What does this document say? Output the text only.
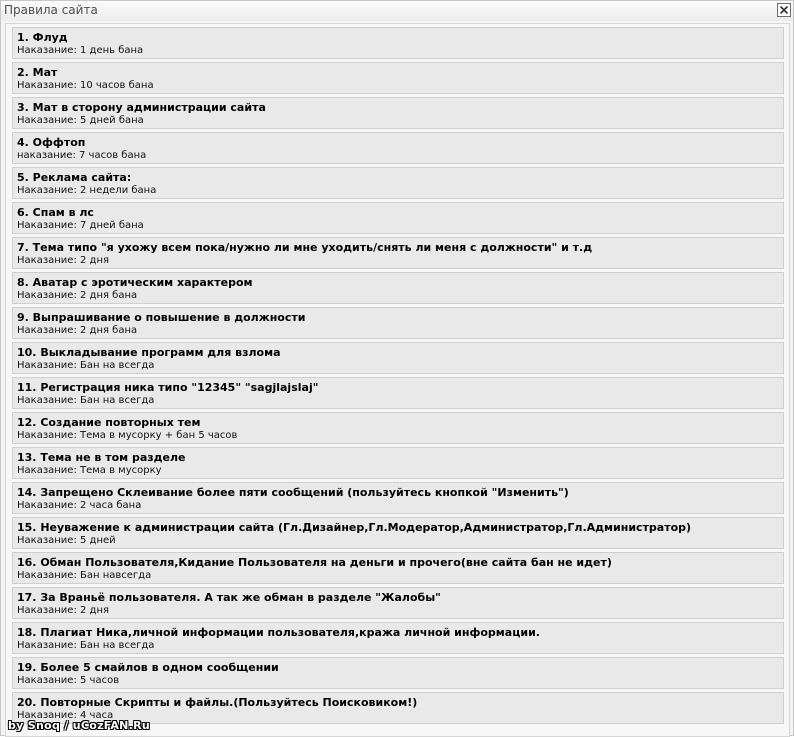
Правила сайта
1. Флуд
Наказание: 1 день бана
2. Мат
Наказание: 10 часов бана
3. Мат в сторону администрации сайта
Наказание: 5 дней бана
4. Оффтоп
наказание: 7 часов бана
5. Реклама сайта:
Наказание: 2 недели бана
6. Спам в лс
Наказание: 7 дней бана
7. Тема типо "я ухожу всем пока/нужно ли мне уходить/снять ли меня с должности" и т.д
Наказание: 2 дня
8. Аватар с эротическим характером
Наказание: 2 дня бана
9. Выпрашивание о повышение в должности
Наказание: 2 дня бана
10. Выкладывание программ для взлома
Наказание: Бан на всегда
11. Регистрация ника типо "12345" "sagjlajslaj"
Наказание: Бан на всегда
12. Создание повторных тем
Наказание: Тема в мусорку + бан 5 часов
13. Тема не в том разделе
Наказание: Тема в мусорку
14. Запрещено Склеивание более пяти сообщений (пользуйтесь кнопкой "Изменить")
Наказание: 2 часа бана
15. Неуважение к администрации сайта (Гл.Дизайнер,Гл.Модератор,Администратор,Гл.Администратор)
Наказание: 5 дней
16. Обман Пользователя,Кидание Пользователя на деньги и прочего(вне сайта бан не идет)
Наказание: Бан навсегда
17. За Враньё пользователя. А так же обман в разделе "Жалобы"
Наказание: 2 дня
18. Плагиат Ника,личной информации пользователя,кража личной информации.
Наказание: Бан на всегда
19. Более 5 смайлов в одном сообщении
Наказание: 5 часов
20. Повторные Скрипты и файлы.(Пользуйтесь Поисковиком!)
Наказание: 4 часа
by Snoq / uCozFAN.Ru
